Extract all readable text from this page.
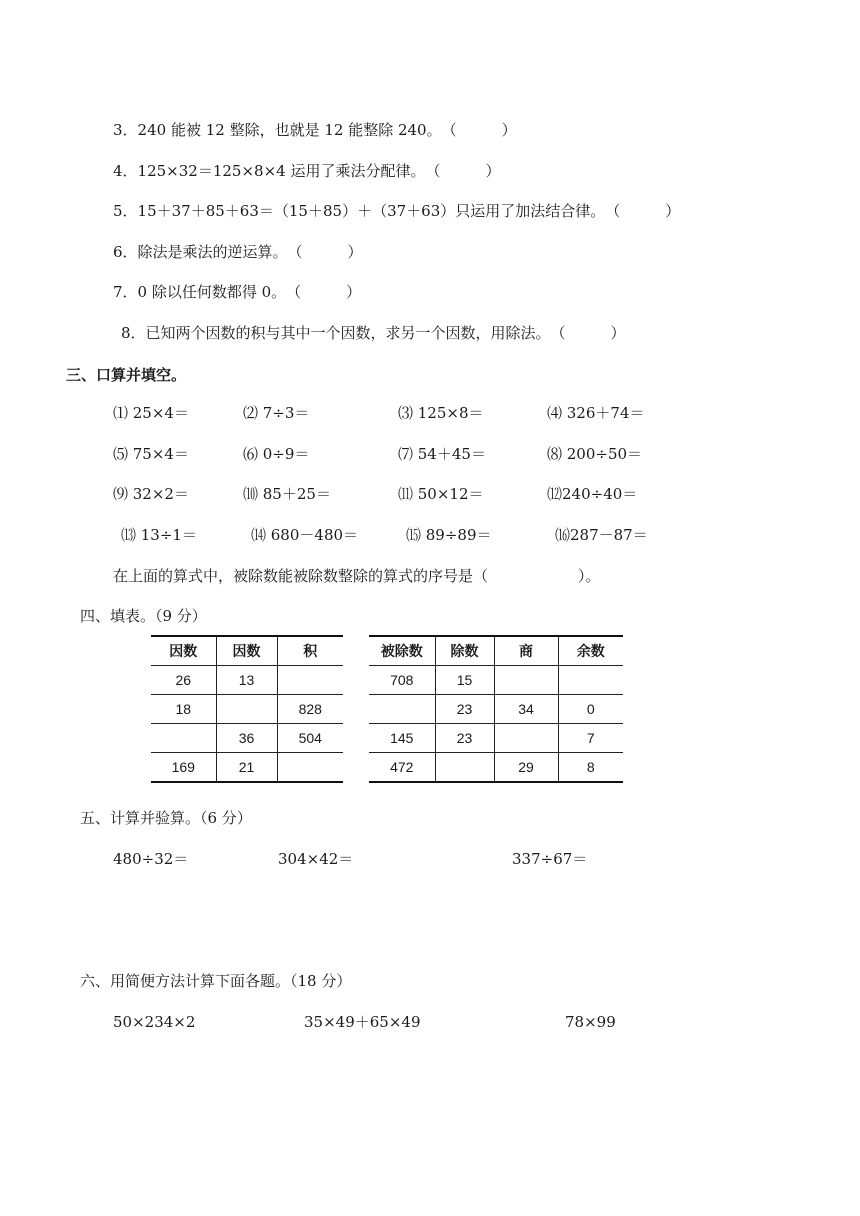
3．240 能被 12 整除，也就是 12 能整除 240。　（　　　）
4．125×32＝125×8×4 运用了乘法分配律。　（　　　）
5．15＋37＋85＋63＝（15＋85）＋（37＋63）只运用了加法结合律。　（　　　）
6．除法是乘法的逆运算。　（　　　）
7．0 除以任何数都得 0。　（　　　）
8．已知两个因数的积与其中一个因数，求另一个因数，用除法。　（　　　）
三、口算并填空。
⑴ 25×4＝	⑵ 7÷3＝	⑶ 125×8＝	⑷ 326＋74＝
⑸ 75×4＝	⑹ 0÷9＝	⑺ 54＋45＝	⑻ 200÷50＝
⑼ 32×2＝	⑽ 85＋25＝	⑾ 50×12＝	⑿240÷40＝
⒀ 13÷1＝	⒁ 680－480＝	⒂ 89÷89＝	⒃287－87＝
在上面的算式中，被除数能被除数整除的算式的序号是（　　　　　　）。
四、填表。（9 分）
因数	因数	积
26	13	
18		828
	36	504
169	21	
被除数	除数	商	余数
708	15		
	23	34	0
145	23		7
472		29	8
五、计算并验算。（6 分）
480÷32＝	304×42＝	337÷67＝
六、用简便方法计算下面各题。（18 分）
50×234×2	35×49＋65×49	78×99
